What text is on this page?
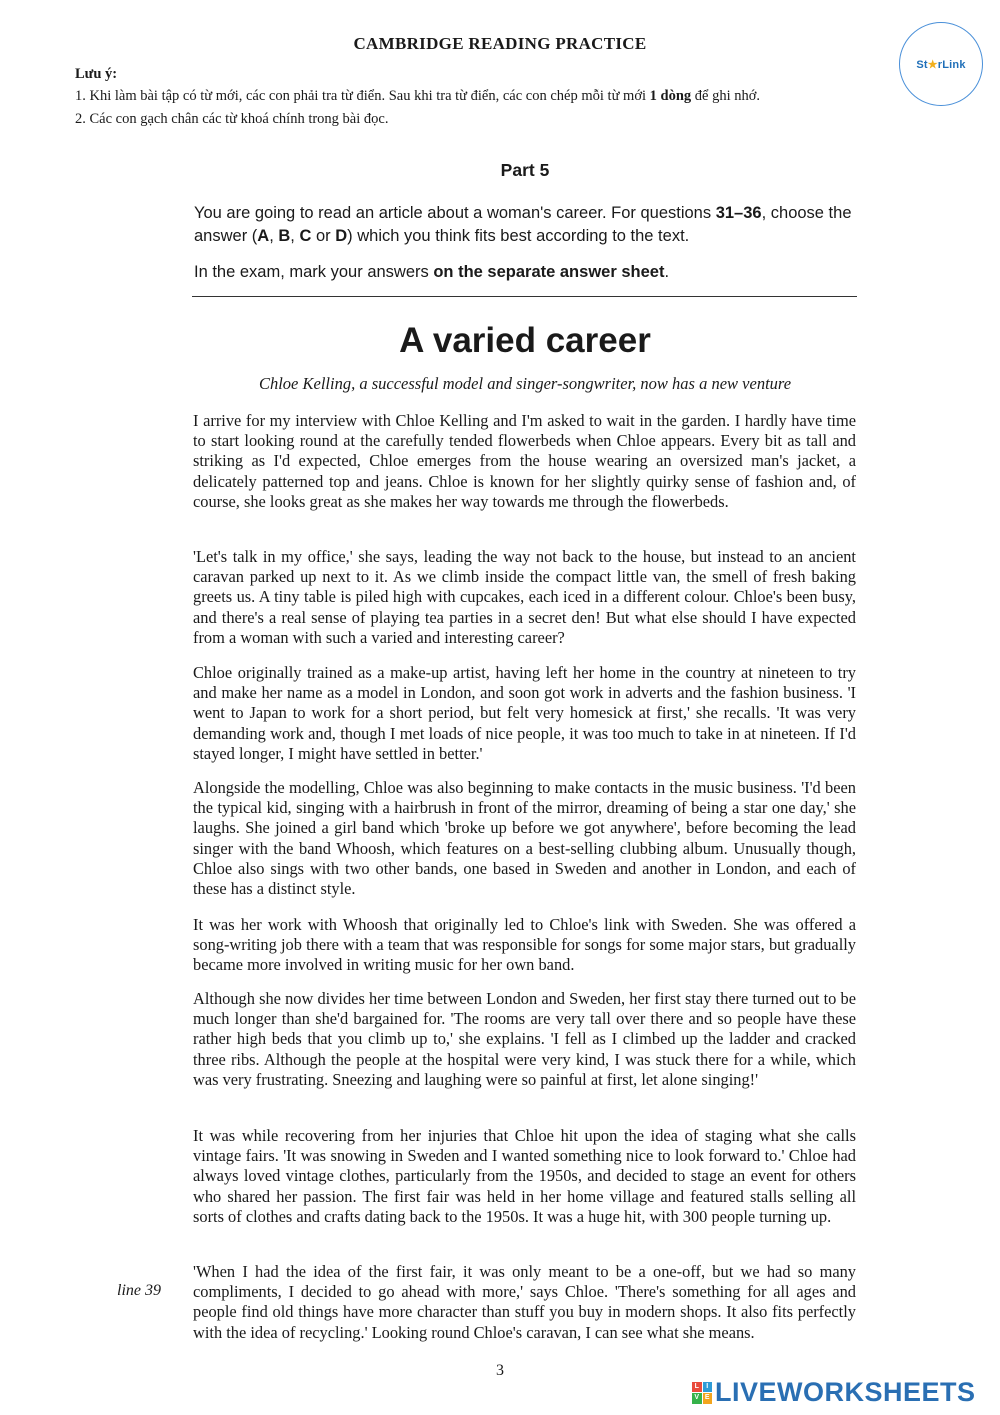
CAMBRIDGE READING PRACTICE
St★rLink
Lưu ý:
1. Khi làm bài tập có từ mới, các con phải tra từ điển. Sau khi tra từ điển, các con chép mỗi từ mới 1 dòng để ghi nhớ.
2. Các con gạch chân các từ khoá chính trong bài đọc.
Part 5
You are going to read an article about a woman's career. For questions 31–36, choose the answer (A, B, C or D) which you think fits best according to the text.
In the exam, mark your answers on the separate answer sheet.
A varied career
Chloe Kelling, a successful model and singer-songwriter, now has a new venture

I arrive for my interview with Chloe Kelling and I'm asked to wait in the garden. I hardly have time to start looking round at the carefully tended flowerbeds when Chloe appears. Every bit as tall and striking as I'd expected, Chloe emerges from the house wearing an oversized man's jacket, a delicately patterned top and jeans. Chloe is known for her slightly quirky sense of fashion and, of course, she looks great as she makes her way towards me through the flowerbeds.

'Let's talk in my office,' she says, leading the way not back to the house, but instead to an ancient caravan parked up next to it. As we climb inside the compact little van, the smell of fresh baking greets us. A tiny table is piled high with cupcakes, each iced in a different colour. Chloe's been busy, and there's a real sense of playing tea parties in a secret den! But what else should I have expected from a woman with such a varied and interesting career?

Chloe originally trained as a make-up artist, having left her home in the country at nineteen to try and make her name as a model in London, and soon got work in adverts and the fashion business. 'I went to Japan to work for a short period, but felt very homesick at first,' she recalls. 'It was very demanding work and, though I met loads of nice people, it was too much to take in at nineteen. If I'd stayed longer, I might have settled in better.'

Alongside the modelling, Chloe was also beginning to make contacts in the music business. 'I'd been the typical kid, singing with a hairbrush in front of the mirror, dreaming of being a star one day,' she laughs. She joined a girl band which 'broke up before we got anywhere', before becoming the lead singer with the band Whoosh, which features on a best-selling clubbing album. Unusually though, Chloe also sings with two other bands, one based in Sweden and another in London, and each of these has a distinct style.

It was her work with Whoosh that originally led to Chloe's link with Sweden. She was offered a song-writing job there with a team that was responsible for songs for some major stars, but gradually became more involved in writing music for her own band.

Although she now divides her time between London and Sweden, her first stay there turned out to be much longer than she'd bargained for. 'The rooms are very tall over there and so people have these rather high beds that you climb up to,' she explains. 'I fell as I climbed up the ladder and cracked three ribs. Although the people at the hospital were very kind, I was stuck there for a while, which was very frustrating. Sneezing and laughing were so painful at first, let alone singing!'

It was while recovering from her injuries that Chloe hit upon the idea of staging what she calls vintage fairs. 'It was snowing in Sweden and I wanted something nice to look forward to.' Chloe had always loved vintage clothes, particularly from the 1950s, and decided to stage an event for others who shared her passion. The first fair was held in her home village and featured stalls selling all sorts of clothes and crafts dating back to the 1950s. It was a huge hit, with 300 people turning up.

'When I had the idea of the first fair, it was only meant to be a one-off, but we had so many compliments, I decided to go ahead with more,' says Chloe. 'There's something for all ages and people find old things have more character than stuff you buy in modern shops. It also fits perfectly with the idea of recycling.' Looking round Chloe's caravan, I can see what she means.

line 39
3
L	I
V E LIVEWORKSHEETS
